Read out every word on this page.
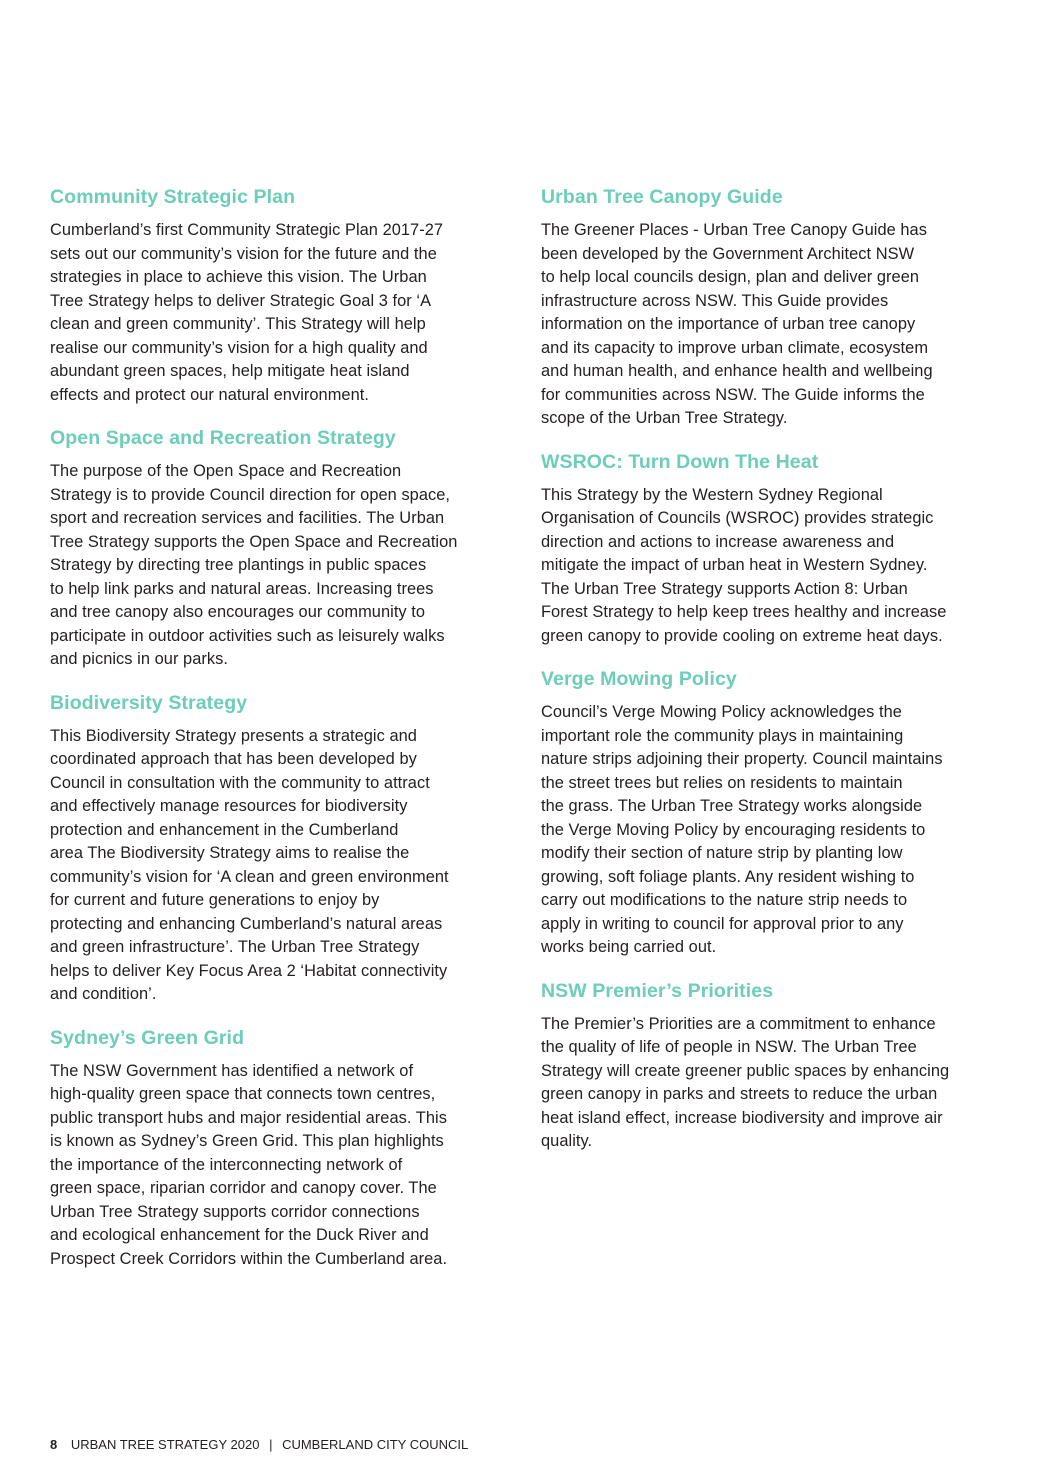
Community Strategic Plan

Cumberland’s first Community Strategic Plan 2017-27
sets out our community’s vision for the future and the
strategies in place to achieve this vision. The Urban
Tree Strategy helps to deliver Strategic Goal 3 for ‘A
clean and green community’. This Strategy will help
realise our community’s vision for a high quality and
abundant green spaces, help mitigate heat island
effects and protect our natural environment.

Open Space and Recreation Strategy

The purpose of the Open Space and Recreation
Strategy is to provide Council direction for open space,
sport and recreation services and facilities. The Urban
Tree Strategy supports the Open Space and Recreation
Strategy by directing tree plantings in public spaces
to help link parks and natural areas. Increasing trees
and tree canopy also encourages our community to
participate in outdoor activities such as leisurely walks
and picnics in our parks.

Biodiversity Strategy

This Biodiversity Strategy presents a strategic and
coordinated approach that has been developed by
Council in consultation with the community to attract
and effectively manage resources for biodiversity
protection and enhancement in the Cumberland
area The Biodiversity Strategy aims to realise the
community’s vision for ‘A clean and green environment
for current and future generations to enjoy by
protecting and enhancing Cumberland’s natural areas
and green infrastructure’. The Urban Tree Strategy
helps to deliver Key Focus Area 2 ‘Habitat connectivity
and condition’.

Sydney’s Green Grid

The NSW Government has identified a network of
high-quality green space that connects town centres,
public transport hubs and major residential areas. This
is known as Sydney’s Green Grid. This plan highlights
the importance of the interconnecting network of
green space, riparian corridor and canopy cover. The
Urban Tree Strategy supports corridor connections
and ecological enhancement for the Duck River and
Prospect Creek Corridors within the Cumberland area.

Urban Tree Canopy Guide

The Greener Places - Urban Tree Canopy Guide has
been developed by the Government Architect NSW
to help local councils design, plan and deliver green
infrastructure across NSW. This Guide provides
information on the importance of urban tree canopy
and its capacity to improve urban climate, ecosystem
and human health, and enhance health and wellbeing
for communities across NSW. The Guide informs the
scope of the Urban Tree Strategy.

WSROC: Turn Down The Heat

This Strategy by the Western Sydney Regional
Organisation of Councils (WSROC) provides strategic
direction and actions to increase awareness and
mitigate the impact of urban heat in Western Sydney.
The Urban Tree Strategy supports Action 8: Urban
Forest Strategy to help keep trees healthy and increase
green canopy to provide cooling on extreme heat days.

Verge Mowing Policy

Council’s Verge Mowing Policy acknowledges the
important role the community plays in maintaining
nature strips adjoining their property. Council maintains
the street trees but relies on residents to maintain
the grass. The Urban Tree Strategy works alongside
the Verge Moving Policy by encouraging residents to
modify their section of nature strip by planting low
growing, soft foliage plants. Any resident wishing to
carry out modifications to the nature strip needs to
apply in writing to council for approval prior to any
works being carried out.

NSW Premier’s Priorities

The Premier’s Priorities are a commitment to enhance
the quality of life of people in NSW. The Urban Tree
Strategy will create greener public spaces by enhancing
green canopy in parks and streets to reduce the urban
heat island effect, increase biodiversity and improve air
quality.

8 URBAN TREE STRATEGY 2020 | CUMBERLAND CITY COUNCIL
